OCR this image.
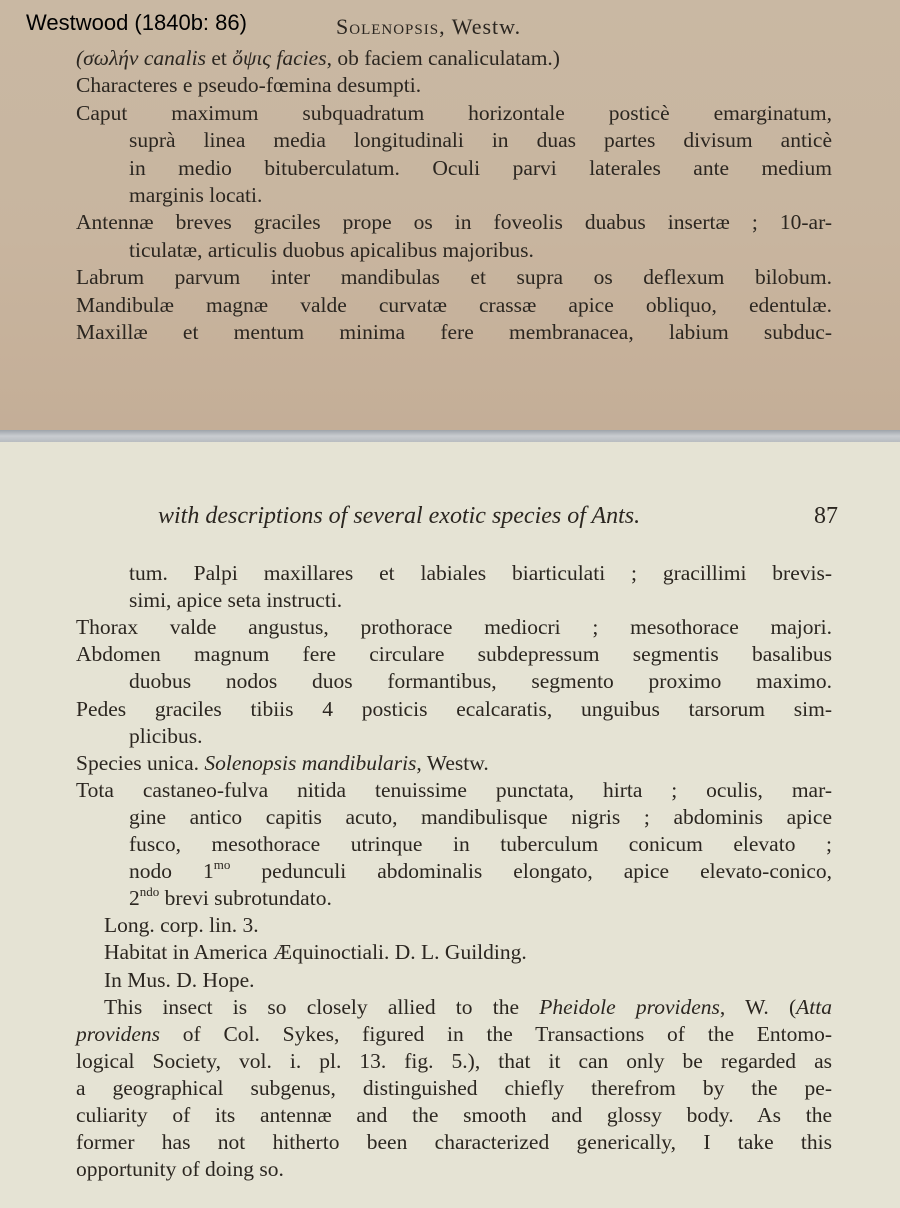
Westwood (1840b: 86)	Solenopsis, Westw.
(σωλήν canalis et ὄψις facies, ob faciem canaliculatam.)
Characteres e pseudo-fœmina desumpti.
Caput maximum subquadratum horizontale posticè emarginatum,
suprà linea media longitudinali in duas partes divisum anticè
in medio bituberculatum. Oculi parvi laterales ante medium
marginis locati.
Antennæ breves graciles prope os in foveolis duabus insertæ ; 10-ar-
ticulatæ, articulis duobus apicalibus majoribus.
Labrum parvum inter mandibulas et supra os deflexum bilobum.
Mandibulæ magnæ valde curvatæ crassæ apice obliquo, edentulæ.
Maxillæ et mentum minima fere membranacea, labium subduc-
with descriptions of several exotic species of Ants.	87
tum. Palpi maxillares et labiales biarticulati ; gracillimi brevis-
simi, apice seta instructi.
Thorax valde angustus, prothorace mediocri ; mesothorace majori.
Abdomen magnum fere circulare subdepressum segmentis basalibus
duobus nodos duos formantibus, segmento proximo maximo.
Pedes graciles tibiis 4 posticis ecalcaratis, unguibus tarsorum sim-
plicibus.
Species unica. Solenopsis mandibularis, Westw.
Tota castaneo-fulva nitida tenuissime punctata, hirta ; oculis, mar-
gine antico capitis acuto, mandibulisque nigris ; abdominis apice
fusco, mesothorace utrinque in tuberculum conicum elevato ;
nodo $1^{mo}$ pedunculi abdominalis elongato, apice elevato-conico,
$2^{ndo}$ brevi subrotundato.
Long. corp. lin. 3.
Habitat in America Æquinoctiali. D. L. Guilding.
In Mus. D. Hope.
This insect is so closely allied to the Pheidole providens, W. (Atta
providens of Col. Sykes, figured in the Transactions of the Entomo-
logical Society, vol. i. pl. 13. fig. 5.), that it can only be regarded as
a geographical subgenus, distinguished chiefly therefrom by the pe-
culiarity of its antennæ and the smooth and glossy body. As the
former has not hitherto been characterized generically, I take this
opportunity of doing so.
